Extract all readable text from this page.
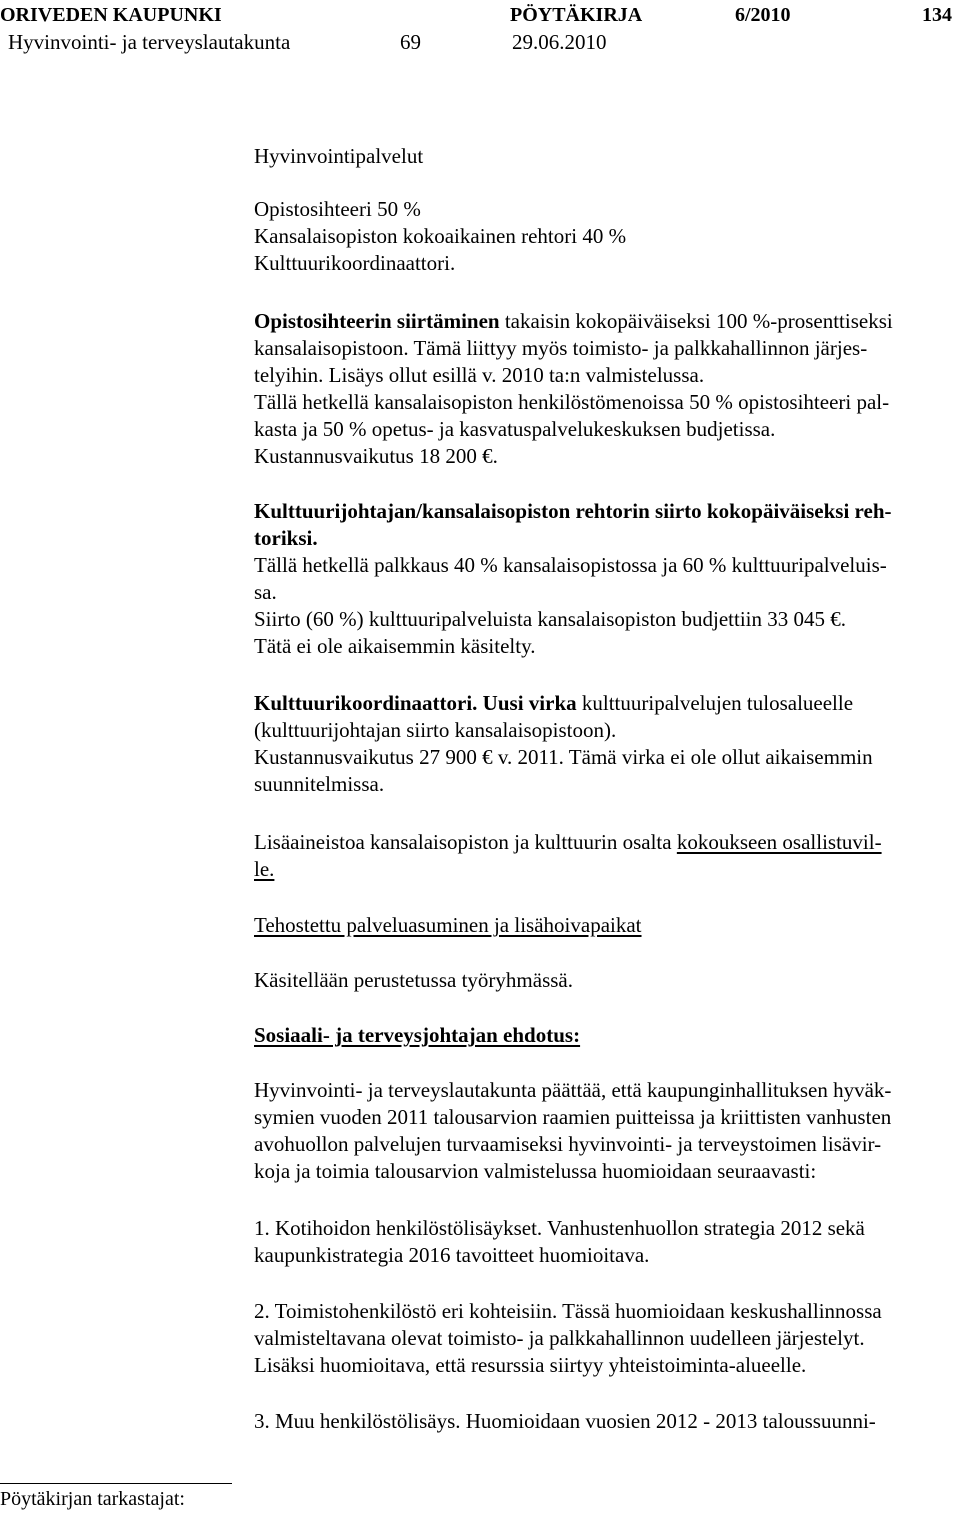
ORIVEDEN KAUPUNKI	PÖYTÄKIRJA	6/2010	134
Hyvinvointi- ja terveyslautakunta	69	29.06.2010
Hyvinvointipalvelut
Opistosihteeri 50 %
Kansalaisopiston kokoaikainen rehtori 40 %
Kulttuurikoordinaattori.
Opistosihteerin siirtäminen takaisin kokopäiväiseksi 100 %-prosenttiseksi
kansalaisopistoon. Tämä liittyy myös toimisto- ja palkkahallinnon järjes-
telyihin. Lisäys ollut esillä v. 2010 ta:n valmistelussa.
Tällä hetkellä kansalaisopiston henkilöstömenoissa 50 % opistosihteeri pal-
kasta ja 50 % opetus- ja kasvatuspalvelukeskuksen budjetissa.
Kustannusvaikutus 18 200 €.
Kulttuurijohtajan/kansalaisopiston rehtorin siirto kokopäiväiseksi reh-
toriksi.
Tällä hetkellä palkkaus 40 % kansalaisopistossa ja 60 % kulttuuripalveluis-
sa.
Siirto (60 %) kulttuuripalveluista kansalaisopiston budjettiin 33 045 €.
Tätä ei ole aikaisemmin käsitelty.
Kulttuurikoordinaattori. Uusi virka kulttuuripalvelujen tulosalueelle
(kulttuurijohtajan siirto kansalaisopistoon).
Kustannusvaikutus 27 900 € v. 2011. Tämä virka ei ole ollut aikaisemmin
suunnitelmissa.
Lisäaineistoa kansalaisopiston ja kulttuurin osalta kokoukseen osallistuvil-
le.
Tehostettu palveluasuminen ja lisähoivapaikat
Käsitellään perustetussa työryhmässä.
Sosiaali- ja terveysjohtajan ehdotus:
Hyvinvointi- ja terveyslautakunta päättää, että kaupunginhallituksen hyväk-
symien vuoden 2011 talousarvion raamien puitteissa ja kriittisten vanhusten
avohuollon palvelujen turvaamiseksi hyvinvointi- ja terveystoimen lisävir-
koja ja toimia talousarvion valmistelussa huomioidaan seuraavasti:
1. Kotihoidon henkilöstölisäykset. Vanhustenhuollon strategia 2012 sekä
kaupunkistrategia 2016 tavoitteet huomioitava.
2. Toimistohenkilöstö eri kohteisiin. Tässä huomioidaan keskushallinnossa
valmisteltavana olevat toimisto- ja palkkahallinnon uudelleen järjestelyt.
Lisäksi huomioitava, että resurssia siirtyy yhteistoiminta-alueelle.
3. Muu henkilöstölisäys. Huomioidaan vuosien 2012 - 2013 taloussuunni-
Pöytäkirjan tarkastajat:
